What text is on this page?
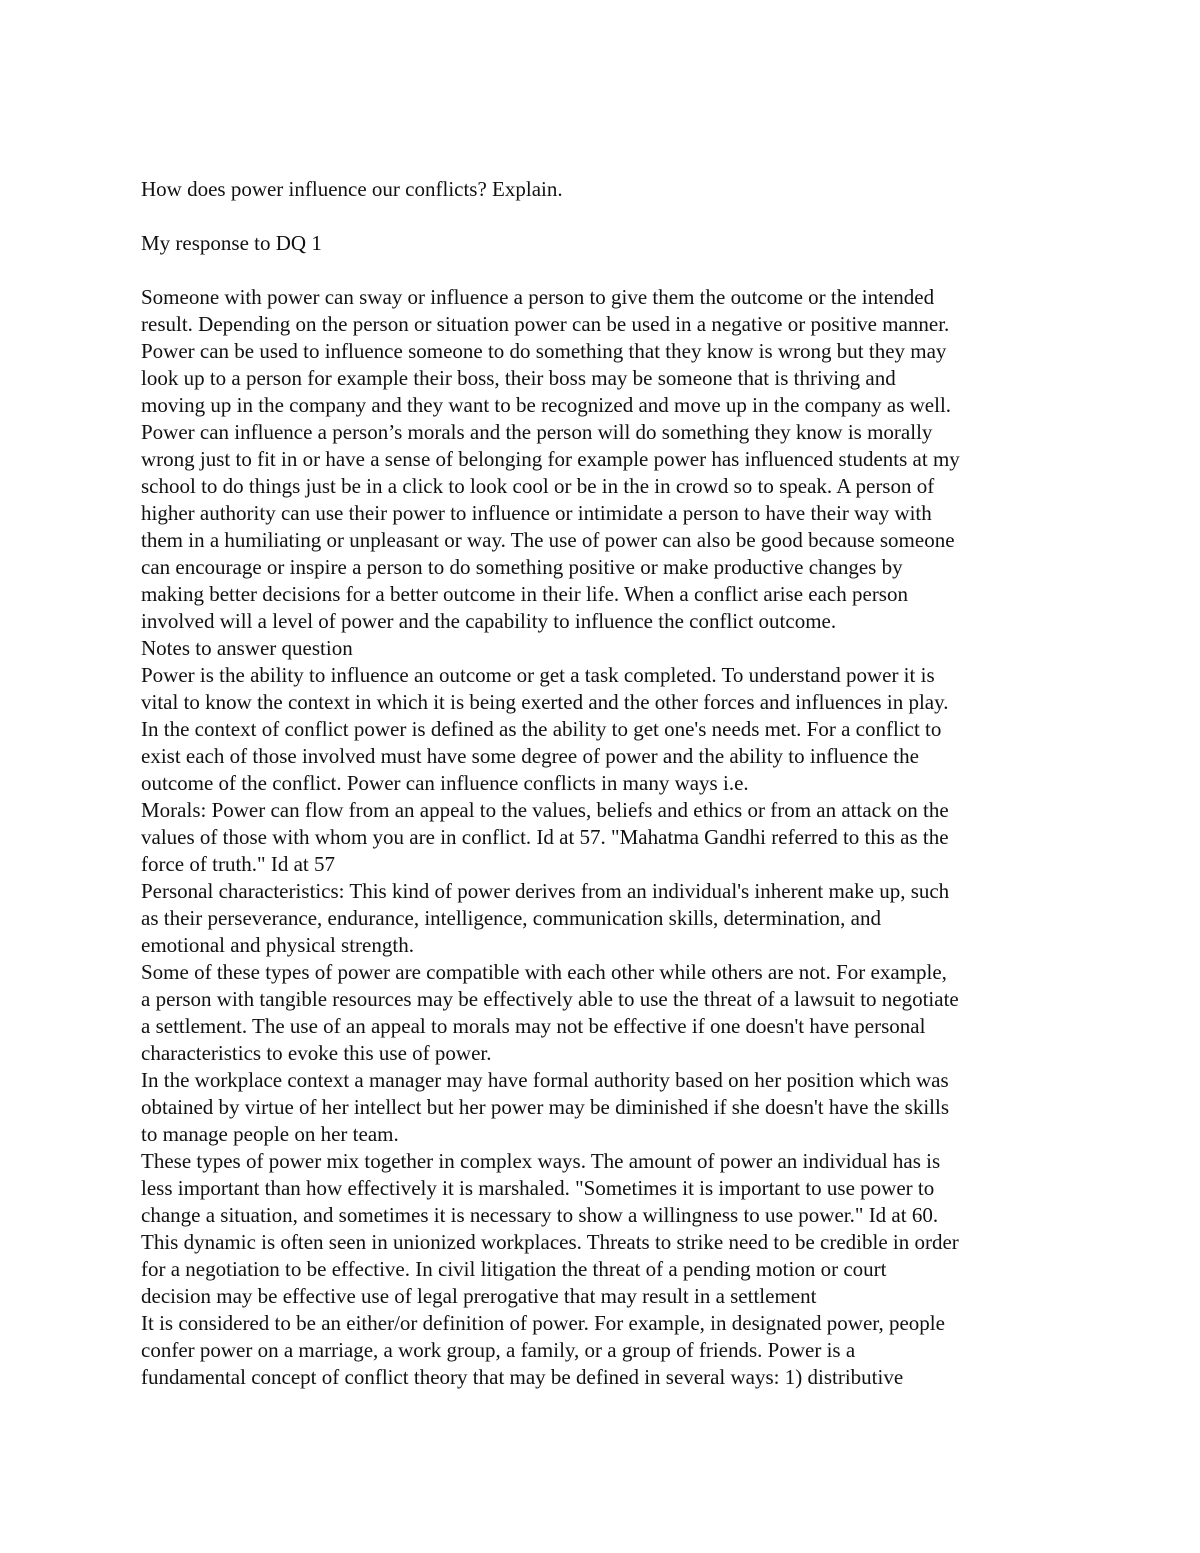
How does power influence our conflicts? Explain.

My response to DQ 1

Someone with power can sway or influence a person to give them the outcome or the intended

result. Depending on the person or situation power can be used in a negative or positive manner.

Power can be used to influence someone to do something that they know is wrong but they may

look up to a person for example their boss, their boss may be someone that is thriving and

moving up in the company and they want to be recognized and move up in the company as well.

Power can influence a person’s morals and the person will do something they know is morally

wrong just to fit in or have a sense of belonging for example power has influenced students at my

school to do things just be in a click to look cool or be in the in crowd so to speak. A person of

higher authority can use their power to influence or intimidate a person to have their way with

them in a humiliating or unpleasant or way. The use of power can also be good because someone

can encourage or inspire a person to do something positive or make productive changes by

making better decisions for a better outcome in their life. When a conflict arise each person

involved will a level of power and the capability to influence the conflict outcome.

Notes to answer question

Power is the ability to influence an outcome or get a task completed. To understand power it is

vital to know the context in which it is being exerted and the other forces and influences in play.

In the context of conflict power is defined as the ability to get one's needs met. For a conflict to

exist each of those involved must have some degree of power and the ability to influence the

outcome of the conflict. Power can influence conflicts in many ways i.e.

Morals: Power can flow from an appeal to the values, beliefs and ethics or from an attack on the

values of those with whom you are in conflict. Id at 57. "Mahatma Gandhi referred to this as the

force of truth." Id at 57

Personal characteristics: This kind of power derives from an individual's inherent make up, such

as their perseverance, endurance, intelligence, communication skills, determination, and

emotional and physical strength.

Some of these types of power are compatible with each other while others are not. For example,

a person with tangible resources may be effectively able to use the threat of a lawsuit to negotiate

a settlement. The use of an appeal to morals may not be effective if one doesn't have personal

characteristics to evoke this use of power.

In the workplace context a manager may have formal authority based on her position which was

obtained by virtue of her intellect but her power may be diminished if she doesn't have the skills

to manage people on her team.

These types of power mix together in complex ways. The amount of power an individual has is

less important than how effectively it is marshaled. "Sometimes it is important to use power to

change a situation, and sometimes it is necessary to show a willingness to use power." Id at 60.

This dynamic is often seen in unionized workplaces. Threats to strike need to be credible in order

for a negotiation to be effective. In civil litigation the threat of a pending motion or court

decision may be effective use of legal prerogative that may result in a settlement

It is considered to be an either/or definition of power. For example, in designated power, people

confer power on a marriage, a work group, a family, or a group of friends. Power is a

fundamental concept of conflict theory that may be defined in several ways: 1) distributive
